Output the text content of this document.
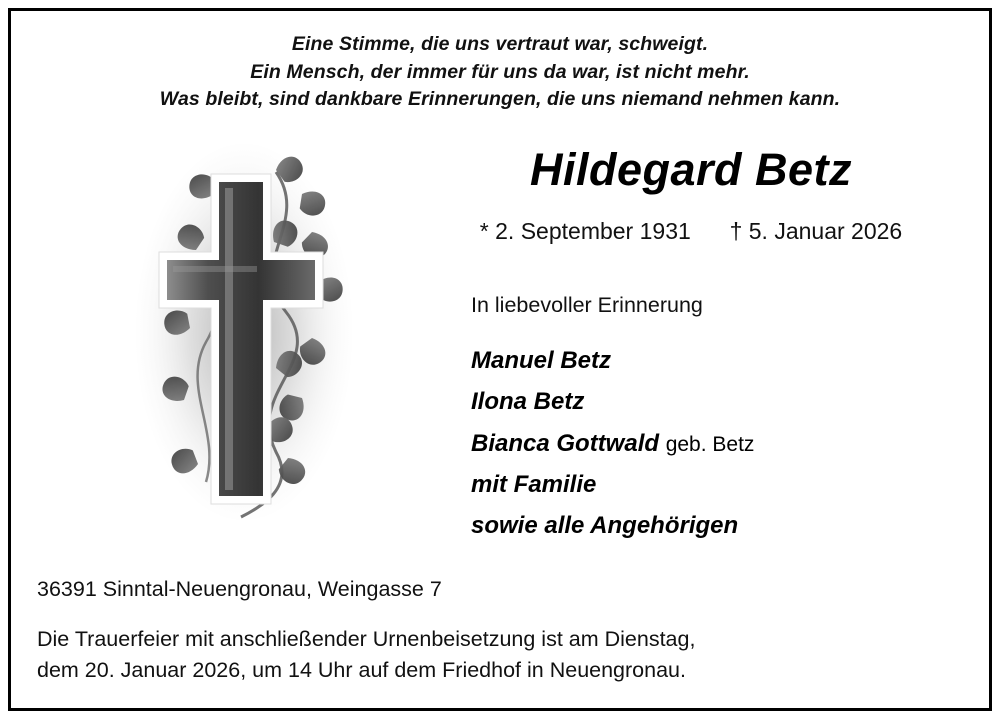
Eine Stimme, die uns vertraut war, schweigt.
Ein Mensch, der immer für uns da war, ist nicht mehr.
Was bleibt, sind dankbare Erinnerungen, die uns niemand nehmen kann.
Hildegard Betz
* 2. September 1931 † 5. Januar 2026
In liebevoller Erinnerung
Manuel Betz
Ilona Betz
Bianca Gottwald geb. Betz
mit Familie
sowie alle Angehörigen
36391 Sinntal-Neuengronau, Weingasse 7
Die Trauerfeier mit anschließender Urnenbeisetzung ist am Dienstag,
dem 20. Januar 2026, um 14 Uhr auf dem Friedhof in Neuengronau.
